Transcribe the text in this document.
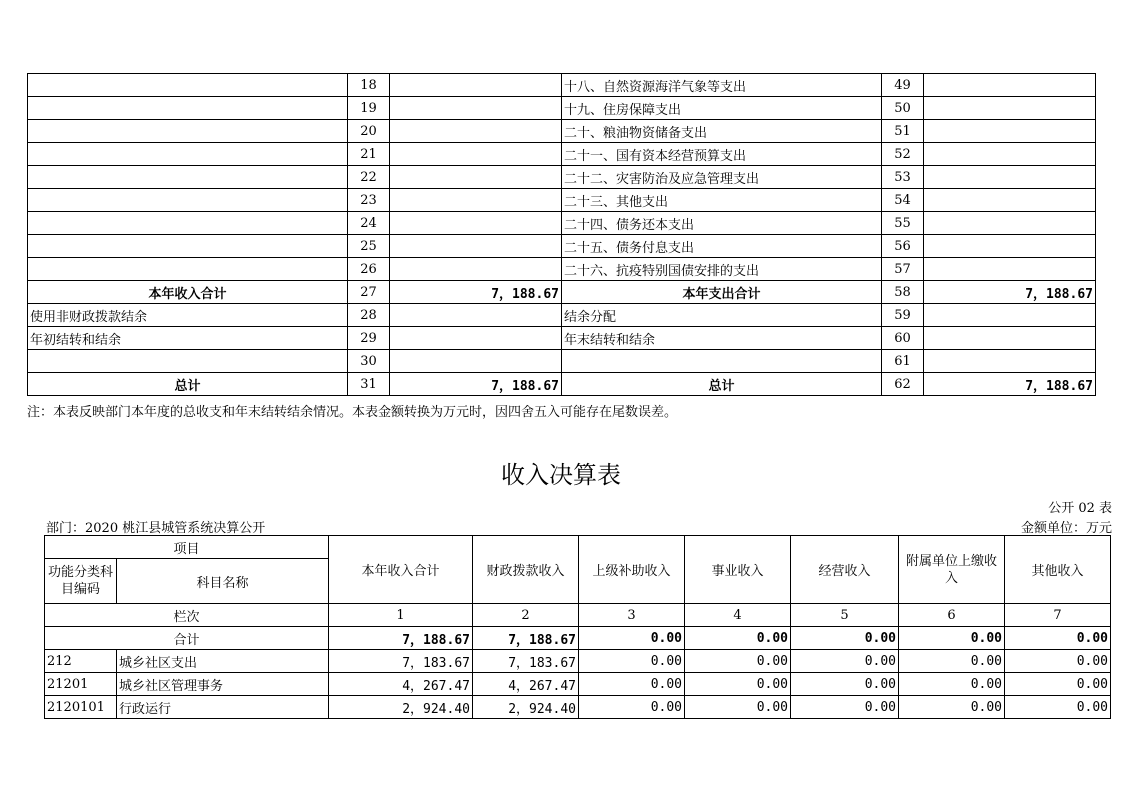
	18		十八、自然资源海洋气象等支出	49	
	19		十九、住房保障支出	50	
	20		二十、粮油物资储备支出	51	
	21		二十一、国有资本经营预算支出	52	
	22		二十二、灾害防治及应急管理支出	53	
	23		二十三、其他支出	54	
	24		二十四、债务还本支出	55	
	25		二十五、债务付息支出	56	
	26		二十六、抗疫特别国债安排的支出	57	
本年收入合计	27	7，188.67	本年支出合计	58	7，188.67
使用非财政拨款结余	28		结余分配	59	
年初结转和结余	29		年末结转和结余	60	
	30			61	
总计	31	7，188.67	总计	62	7，188.67
注：本表反映部门本年度的总收支和年末结转结余情况。本表金额转换为万元时，因四舍五入可能存在尾数误差。
收入决算表
公开 02 表
部门：2020 桃江县城管系统决算公开	金额单位：万元
项目		本年收入合计	财政拨款收入	上级补助收入	事业收入	经营收入	附属单位上缴收入	其他收入
功能分类科目编码	科目名称							
栏次		1	2	3	4	5	6	7
合计		7，188.67	7，188.67	0.00	0.00	0.00	0.00	0.00
212	城乡社区支出	7，183.67	7，183.67	0.00	0.00	0.00	0.00	0.00
21201	城乡社区管理事务	4，267.47	4，267.47	0.00	0.00	0.00	0.00	0.00
2120101	行政运行	2，924.40	2，924.40	0.00	0.00	0.00	0.00	0.00
